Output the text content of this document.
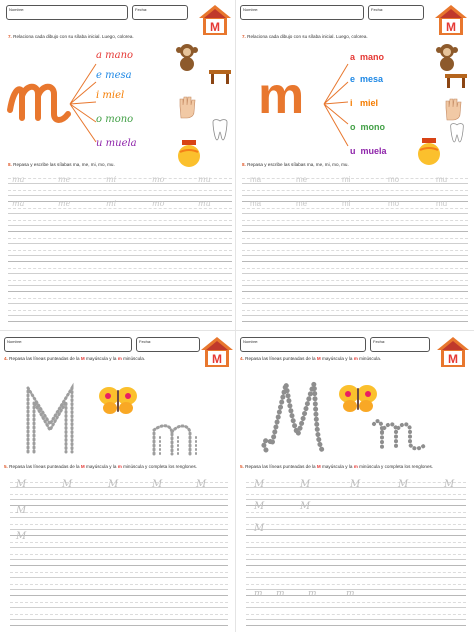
Nombre:	Fecha:
M
7. Relaciona cada dibujo con su sílaba inicial. Luego, colorea.
a mano
e mesa
i miel
o mono
u muela
8. Repasa y escribe las sílabas ma, me, mi, mo, mu.
ma	me	mi	mo	mu
ma	me	mi	mo	mu
Nombre:	Fecha:
M
7. Relaciona cada dibujo con su sílaba inicial. Luego, colorea.
m
a mano
e mesa
i miel
o mono
u muela
8. Repasa y escribe las sílabas ma, me, mi, mo, mu.
ma	me	mi	mo	mu
ma	me	mi	mo	mu
Nombre:	Fecha:
M
4. Repasa las líneas punteadas de la M mayúscula y la m minúscula.
5. Repasa las líneas punteadas de la M mayúscula y la m minúscula y completa los renglones.
M	M	M	M	M
M
M
Nombre:	Fecha:
M
4. Repasa las líneas punteadas de la M mayúscula y la m minúscula.
5. Repasa las líneas punteadas de la M mayúscula y la m minúscula y completa los renglones.
M	M	M	M	M
M	M
M
m m	m	m
